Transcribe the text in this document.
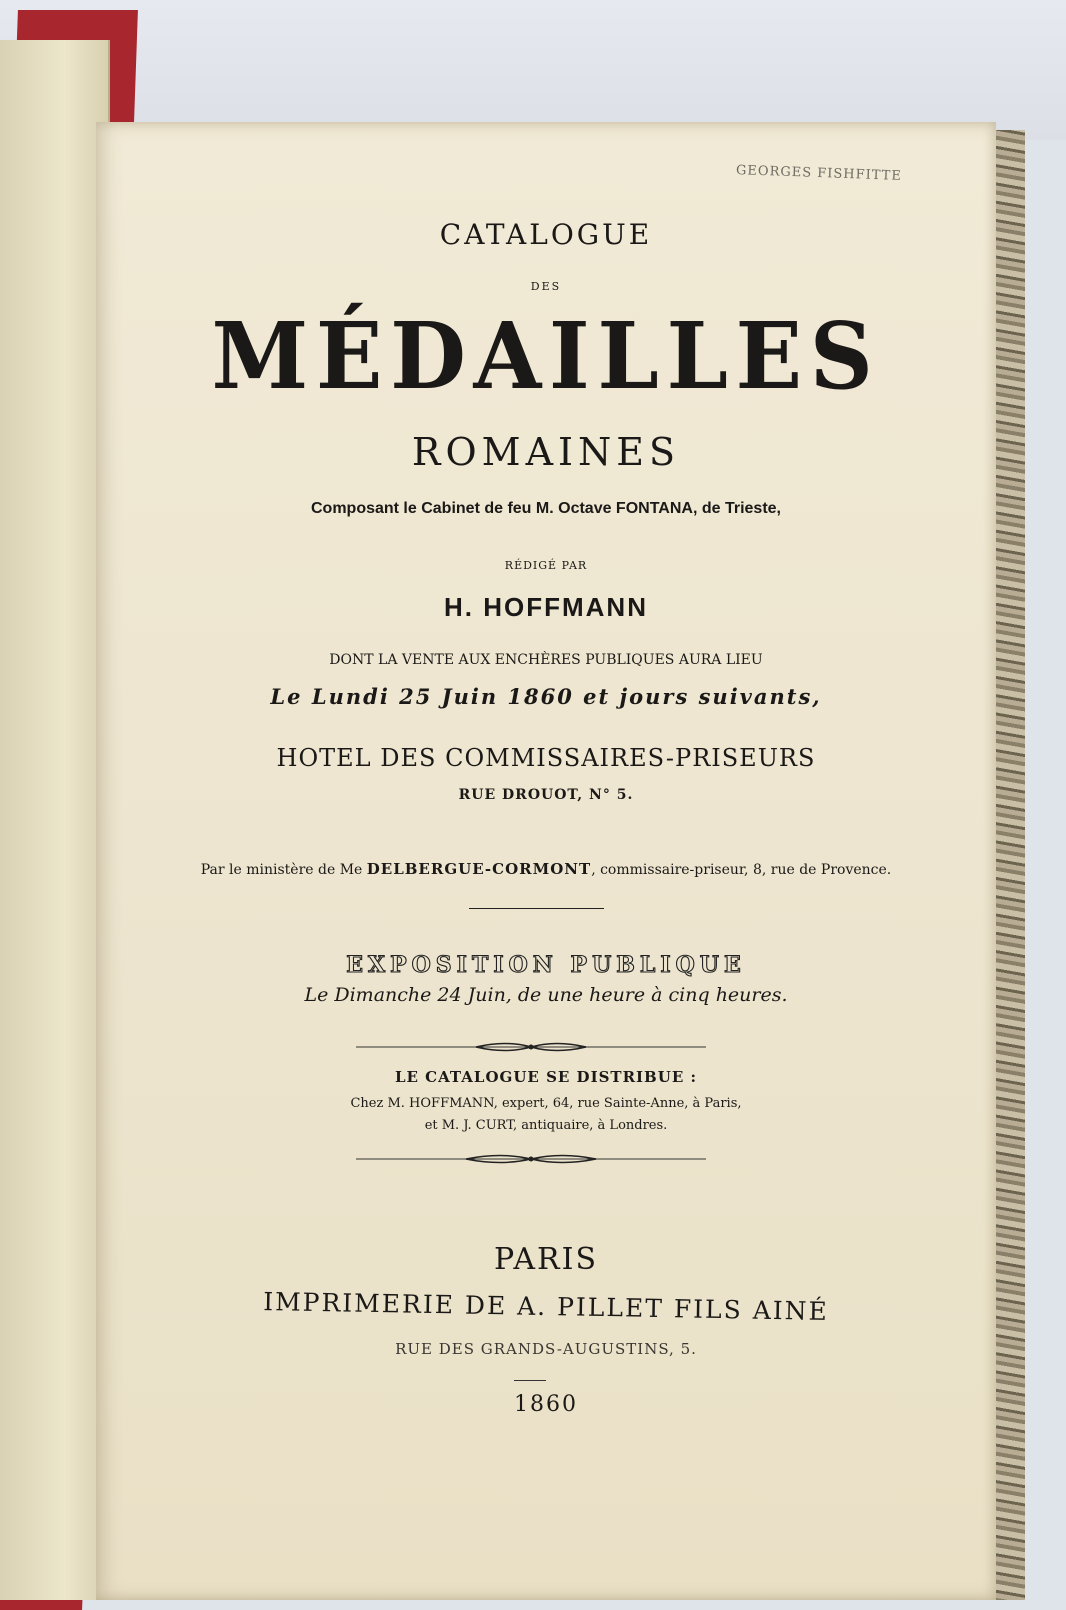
GEORGES FISHFITTE
CATALOGUE
DES
MÉDAILLES
ROMAINES
Composant le Cabinet de feu M. Octave FONTANA, de Trieste,
RÉDIGÉ PAR
H. HOFFMANN
DONT LA VENTE AUX ENCHÈRES PUBLIQUES AURA LIEU
Le Lundi 25 Juin 1860 et jours suivants,
HOTEL DES COMMISSAIRES-PRISEURS
RUE DROUOT, N° 5.
Par le ministère de Me DELBERGUE-CORMONT, commissaire-priseur, 8, rue de Provence.
EXPOSITION PUBLIQUE
Le Dimanche 24 Juin, de une heure à cinq heures.
LE CATALOGUE SE DISTRIBUE :
Chez M. HOFFMANN, expert, 64, rue Sainte-Anne, à Paris,
et M. J. CURT, antiquaire, à Londres.
PARIS
IMPRIMERIE DE A. PILLET FILS AINÉ
RUE DES GRANDS-AUGUSTINS, 5.
1860
